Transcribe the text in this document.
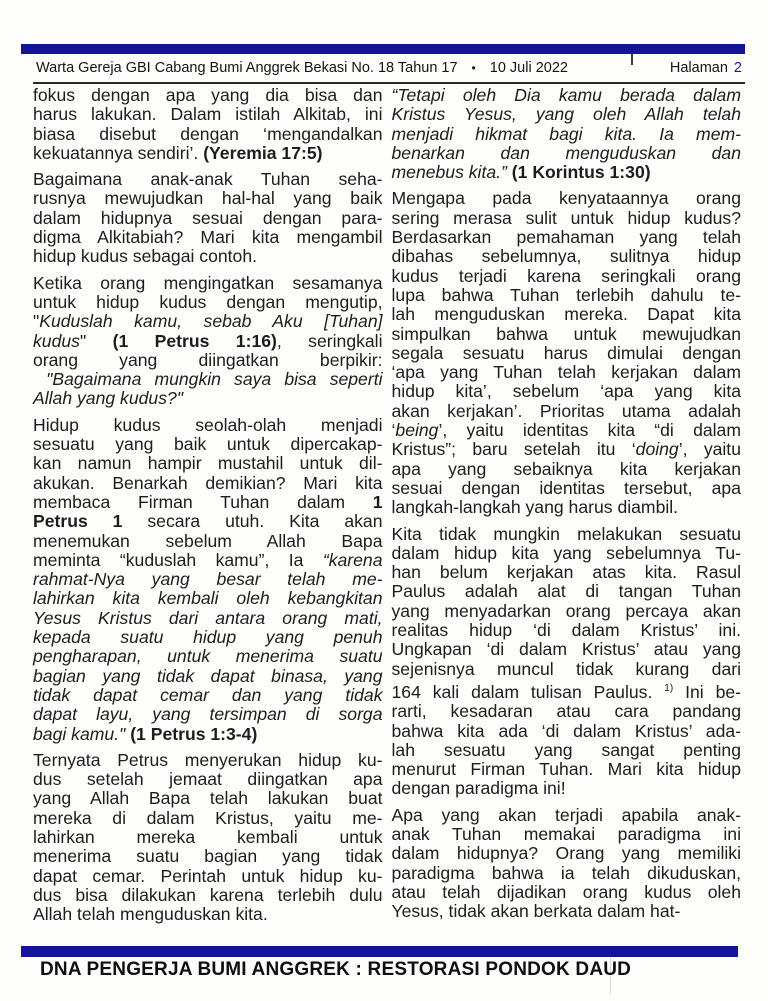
Warta Gereja GBI Cabang Bumi Anggrek Bekasi No. 18 Tahun 17 • 10 Juli 2022	Halaman 2
fokus dengan apa yang dia bisa dan
harus lakukan. Dalam istilah Alkitab, ini
biasa disebut dengan ‘mengandalkan
kekuatannya sendiri’. (Yeremia 17:5)
Bagaimana anak-anak Tuhan seha-
rusnya mewujudkan hal-hal yang baik
dalam hidupnya sesuai dengan para-
digma Alkitabiah? Mari kita mengambil
hidup kudus sebagai contoh.
Ketika orang mengingatkan sesamanya
untuk hidup kudus dengan mengutip,
"Kuduslah kamu, sebab Aku [Tuhan]
kudus" (1 Petrus 1:16), seringkali
orang yang diingatkan berpikir:
"Bagaimana mungkin saya bisa seperti
Allah yang kudus?"
Hidup kudus seolah-olah menjadi
sesuatu yang baik untuk dipercakap-
kan namun hampir mustahil untuk dil-
akukan. Benarkah demikian? Mari kita
membaca Firman Tuhan dalam 1
Petrus 1 secara utuh. Kita akan
menemukan sebelum Allah Bapa
meminta “kuduslah kamu”, Ia “karena
rahmat-Nya yang besar telah me-
lahirkan kita kembali oleh kebangkitan
Yesus Kristus dari antara orang mati,
kepada suatu hidup yang penuh
pengharapan, untuk menerima suatu
bagian yang tidak dapat binasa, yang
tidak dapat cemar dan yang tidak
dapat layu, yang tersimpan di sorga
bagi kamu." (1 Petrus 1:3-4)
Ternyata Petrus menyerukan hidup ku-
dus setelah jemaat diingatkan apa
yang Allah Bapa telah lakukan buat
mereka di dalam Kristus, yaitu me-
lahirkan mereka kembali untuk
menerima suatu bagian yang tidak
dapat cemar. Perintah untuk hidup ku-
dus bisa dilakukan karena terlebih dulu
Allah telah menguduskan kita.
“Tetapi oleh Dia kamu berada dalam
Kristus Yesus, yang oleh Allah telah
menjadi hikmat bagi kita. Ia mem-
benarkan dan menguduskan dan
menebus kita.” (1 Korintus 1:30)
Mengapa pada kenyataannya orang
sering merasa sulit untuk hidup kudus?
Berdasarkan pemahaman yang telah
dibahas sebelumnya, sulitnya hidup
kudus terjadi karena seringkali orang
lupa bahwa Tuhan terlebih dahulu te-
lah menguduskan mereka. Dapat kita
simpulkan bahwa untuk mewujudkan
segala sesuatu harus dimulai dengan
‘apa yang Tuhan telah kerjakan dalam
hidup kita’, sebelum ‘apa yang kita
akan kerjakan’. Prioritas utama adalah
‘being’, yaitu identitas kita “di dalam
Kristus”; baru setelah itu ‘doing’, yaitu
apa yang sebaiknya kita kerjakan
sesuai dengan identitas tersebut, apa
langkah-langkah yang harus diambil.
Kita tidak mungkin melakukan sesuatu
dalam hidup kita yang sebelumnya Tu-
han belum kerjakan atas kita. Rasul
Paulus adalah alat di tangan Tuhan
yang menyadarkan orang percaya akan
realitas hidup ‘di dalam Kristus’ ini.
Ungkapan ‘di dalam Kristus’ atau yang
sejenisnya muncul tidak kurang dari
164 kali dalam tulisan Paulus. $^{1)}$ Ini be-
rarti, kesadaran atau cara pandang
bahwa kita ada ‘di dalam Kristus’ ada-
lah sesuatu yang sangat penting
menurut Firman Tuhan. Mari kita hidup
dengan paradigma ini!
Apa yang akan terjadi apabila anak-
anak Tuhan memakai paradigma ini
dalam hidupnya? Orang yang memiliki
paradigma bahwa ia telah dikuduskan,
atau telah dijadikan orang kudus oleh
Yesus, tidak akan berkata dalam hat-
DNA PENGERJA BUMI ANGGREK : RESTORASI PONDOK DAUD
